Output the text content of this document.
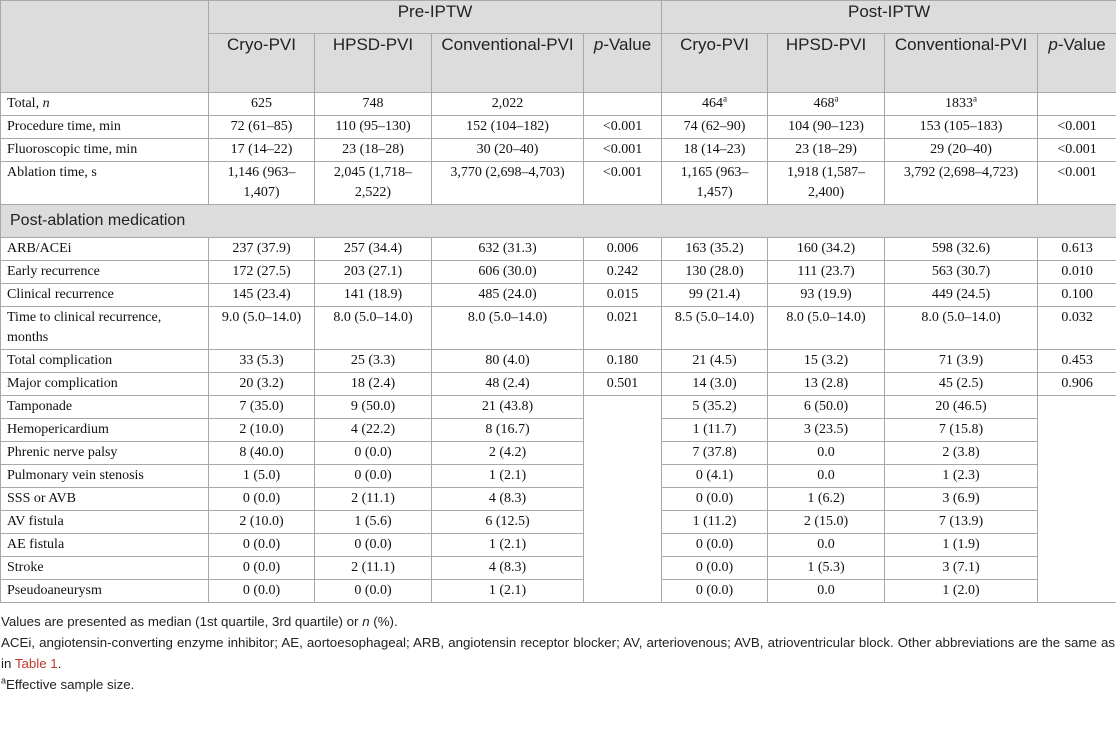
	Pre-IPTW				Post-IPTW			
	Cryo-PVI	HPSD-PVI	Conventional-PVI	p-Value	Cryo-PVI	HPSD-PVI	Conventional-PVI	p-Value
Total, n	625	748	2,022		464$^a$	468$^a$	1833$^a$	
Procedure time, min	72 (61–85)	110 (95–130)	152 (104–182)	<0.001	74 (62–90)	104 (90–123)	153 (105–183)	<0.001
Fluoroscopic time, min	17 (14–22)	23 (18–28)	30 (20–40)	<0.001	18 (14–23)	23 (18–29)	29 (20–40)	<0.001
Ablation time, s	1,146 (963–1,407)	2,045 (1,718–2,522)	3,770 (2,698–4,703)	<0.001	1,165 (963–1,457)	1,918 (1,587–2,400)	3,792 (2,698–4,723)	<0.001
Post-ablation medication								
ARB/ACEi	237 (37.9)	257 (34.4)	632 (31.3)	0.006	163 (35.2)	160 (34.2)	598 (32.6)	0.613
Early recurrence	172 (27.5)	203 (27.1)	606 (30.0)	0.242	130 (28.0)	111 (23.7)	563 (30.7)	0.010
Clinical recurrence	145 (23.4)	141 (18.9)	485 (24.0)	0.015	99 (21.4)	93 (19.9)	449 (24.5)	0.100
Time to clinical recurrence, months	9.0 (5.0–14.0)	8.0 (5.0–14.0)	8.0 (5.0–14.0)	0.021	8.5 (5.0–14.0)	8.0 (5.0–14.0)	8.0 (5.0–14.0)	0.032
Total complication	33 (5.3)	25 (3.3)	80 (4.0)	0.180	21 (4.5)	15 (3.2)	71 (3.9)	0.453
Major complication	20 (3.2)	18 (2.4)	48 (2.4)	0.501	14 (3.0)	13 (2.8)	45 (2.5)	0.906
Tamponade	7 (35.0)	9 (50.0)	21 (43.8)		5 (35.2)	6 (50.0)	20 (46.5)	
Hemopericardium	2 (10.0)	4 (22.2)	8 (16.7)		1 (11.7)	3 (23.5)	7 (15.8)	
Phrenic nerve palsy	8 (40.0)	0 (0.0)	2 (4.2)		7 (37.8)	0.0	2 (3.8)	
Pulmonary vein stenosis	1 (5.0)	0 (0.0)	1 (2.1)		0 (4.1)	0.0	1 (2.3)	
SSS or AVB	0 (0.0)	2 (11.1)	4 (8.3)		0 (0.0)	1 (6.2)	3 (6.9)	
AV fistula	2 (10.0)	1 (5.6)	6 (12.5)		1 (11.2)	2 (15.0)	7 (13.9)	
AE fistula	0 (0.0)	0 (0.0)	1 (2.1)		0 (0.0)	0.0	1 (1.9)	
Stroke	0 (0.0)	2 (11.1)	4 (8.3)		0 (0.0)	1 (5.3)	3 (7.1)	
Pseudoaneurysm	0 (0.0)	0 (0.0)	1 (2.1)		0 (0.0)	0.0	1 (2.0)	

Values are presented as median (1st quartile, 3rd quartile) or n (%).

ACEi, angiotensin-converting enzyme inhibitor; AE, aortoesophageal; ARB, angiotensin receptor blocker; AV, arteriovenous; AVB, atrioventricular block. Other abbreviations are the same as in Table 1.

$^a$Effective sample size.
